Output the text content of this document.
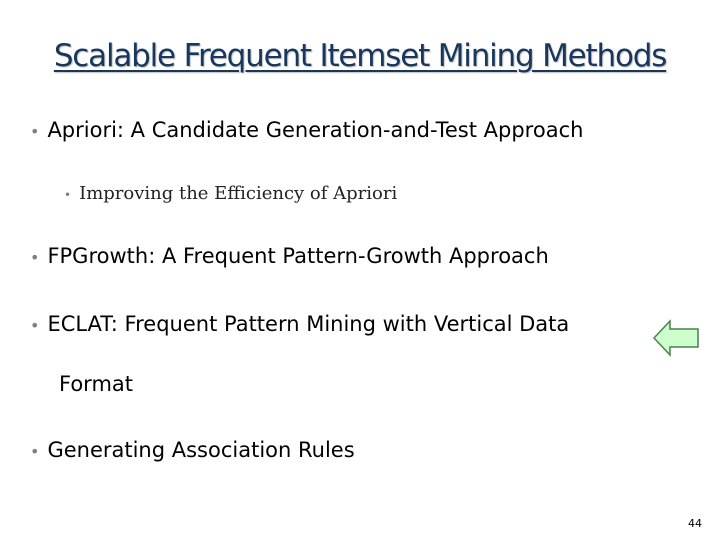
Scalable Frequent Itemset Mining Methods
• Apriori: A Candidate Generation-and-Test Approach
• Improving the Efficiency of Apriori
• FPGrowth: A Frequent Pattern-Growth Approach
• ECLAT: Frequent Pattern Mining with Vertical Data
Format
• Generating Association Rules
44
